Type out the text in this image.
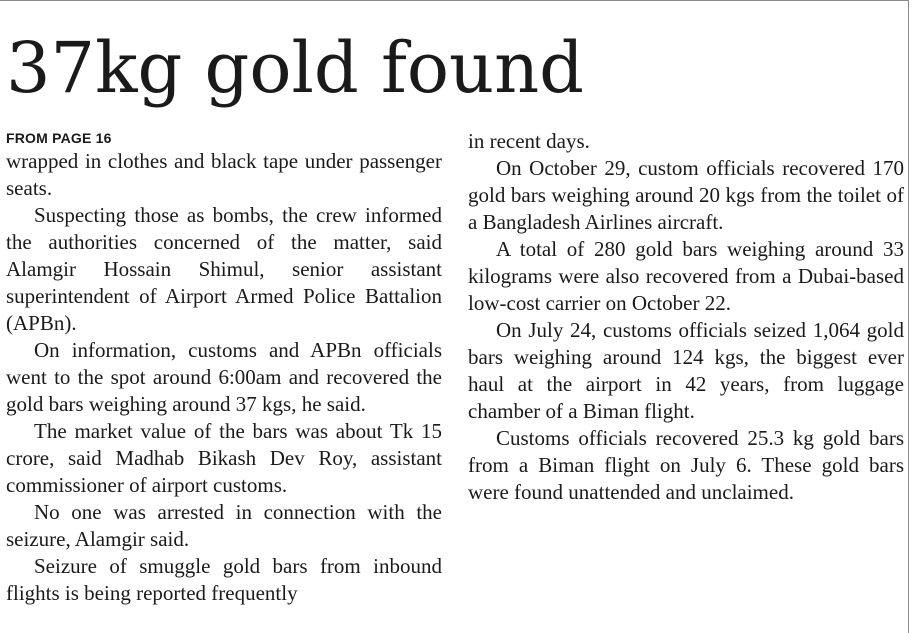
37kg gold found
FROM PAGE 16

wrapped in clothes and black tape under passenger seats.

Suspecting those as bombs, the crew informed the authorities concerned of the matter, said Alamgir Hossain Shimul, senior assistant superintendent of Airport Armed Police Battalion (APBn).

On information, customs and APBn officials went to the spot around 6:00am and recovered the gold bars weighing around 37 kgs, he said.

The market value of the bars was about Tk 15 crore, said Madhab Bikash Dev Roy, assistant commissioner of airport customs.

No one was arrested in connection with the seizure, Alamgir said.

Seizure of smuggle gold bars from inbound flights is being reported frequently

in recent days.

On October 29, custom officials recovered 170 gold bars weighing around 20 kgs from the toilet of a Bangladesh Airlines aircraft.

A total of 280 gold bars weighing around 33 kilograms were also recovered from a Dubai-based low-cost carrier on October 22.

On July 24, customs officials seized 1,064 gold bars weighing around 124 kgs, the biggest ever haul at the airport in 42 years, from luggage chamber of a Biman flight.

Customs officials recovered 25.3 kg gold bars from a Biman flight on July 6. These gold bars were found unattended and unclaimed.
